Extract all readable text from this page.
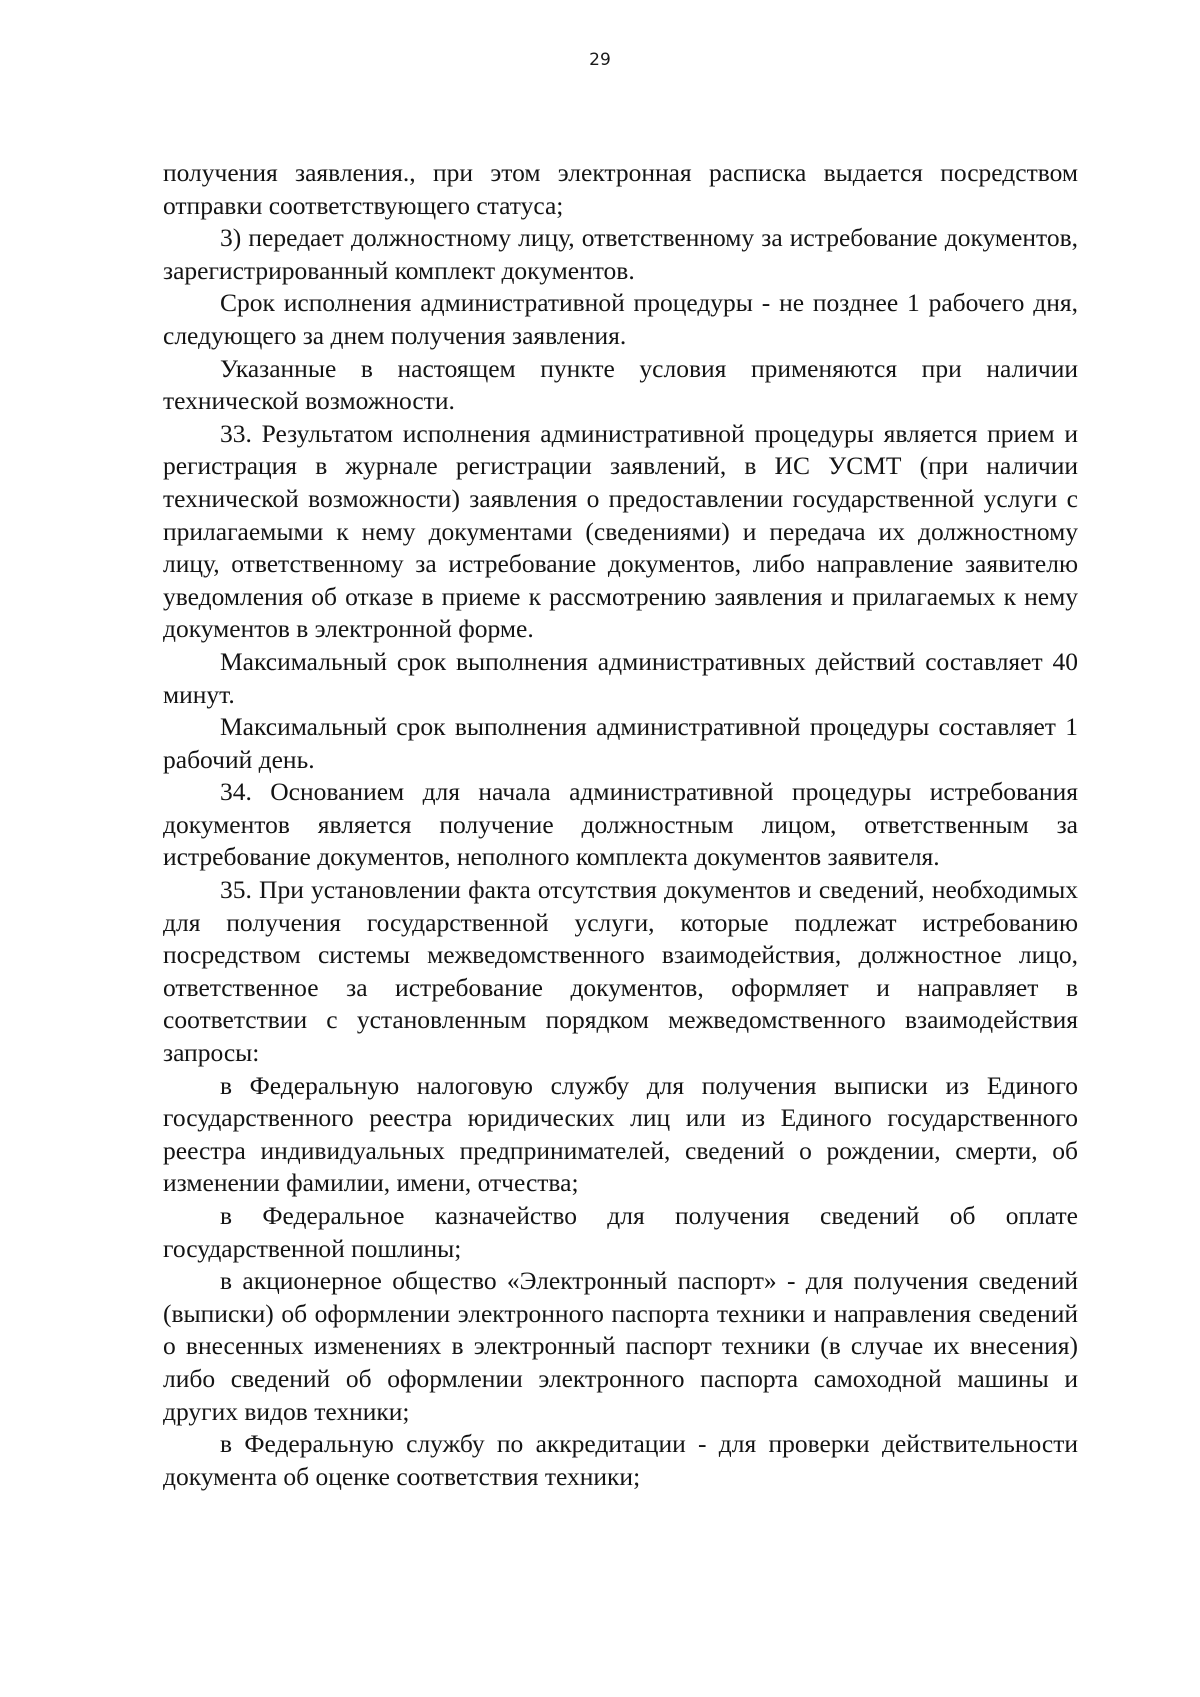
29

получения заявления., при этом электронная расписка выдается посредством отправки соответствующего статуса;

3) передает должностному лицу, ответственному за истребование документов, зарегистрированный комплект документов.

Срок исполнения административной процедуры - не позднее 1 рабочего дня, следующего за днем получения заявления.

Указанные в настоящем пункте условия применяются при наличии технической возможности.

33. Результатом исполнения административной процедуры является прием и регистрация в журнале регистрации заявлений, в ИС УСМТ (при наличии технической возможности) заявления о предоставлении государственной услуги с прилагаемыми к нему документами (сведениями) и передача их должностному лицу, ответственному за истребование документов, либо направление заявителю уведомления об отказе в приеме к рассмотрению заявления и прилагаемых к нему документов в электронной форме.

Максимальный срок выполнения административных действий составляет 40 минут.

Максимальный срок выполнения административной процедуры составляет 1 рабочий день.

34. Основанием для начала административной процедуры истребования документов является получение должностным лицом, ответственным за истребование документов, неполного комплекта документов заявителя.

35. При установлении факта отсутствия документов и сведений, необходимых для получения государственной услуги, которые подлежат истребованию посредством системы межведомственного взаимодействия, должностное лицо, ответственное за истребование документов, оформляет и направляет в соответствии с установленным порядком межведомственного взаимодействия запросы:

в Федеральную налоговую службу для получения выписки из Единого государственного реестра юридических лиц или из Единого государственного реестра индивидуальных предпринимателей, сведений о рождении, смерти, об изменении фамилии, имени, отчества;

в Федеральное казначейство для получения сведений об оплате государственной пошлины;

в акционерное общество «Электронный паспорт» - для получения сведений (выписки) об оформлении электронного паспорта техники и направления сведений о внесенных изменениях в электронный паспорт техники (в случае их внесения) либо сведений об оформлении электронного паспорта самоходной машины и других видов техники;

в Федеральную службу по аккредитации - для проверки действительности документа об оценке соответствия техники;
